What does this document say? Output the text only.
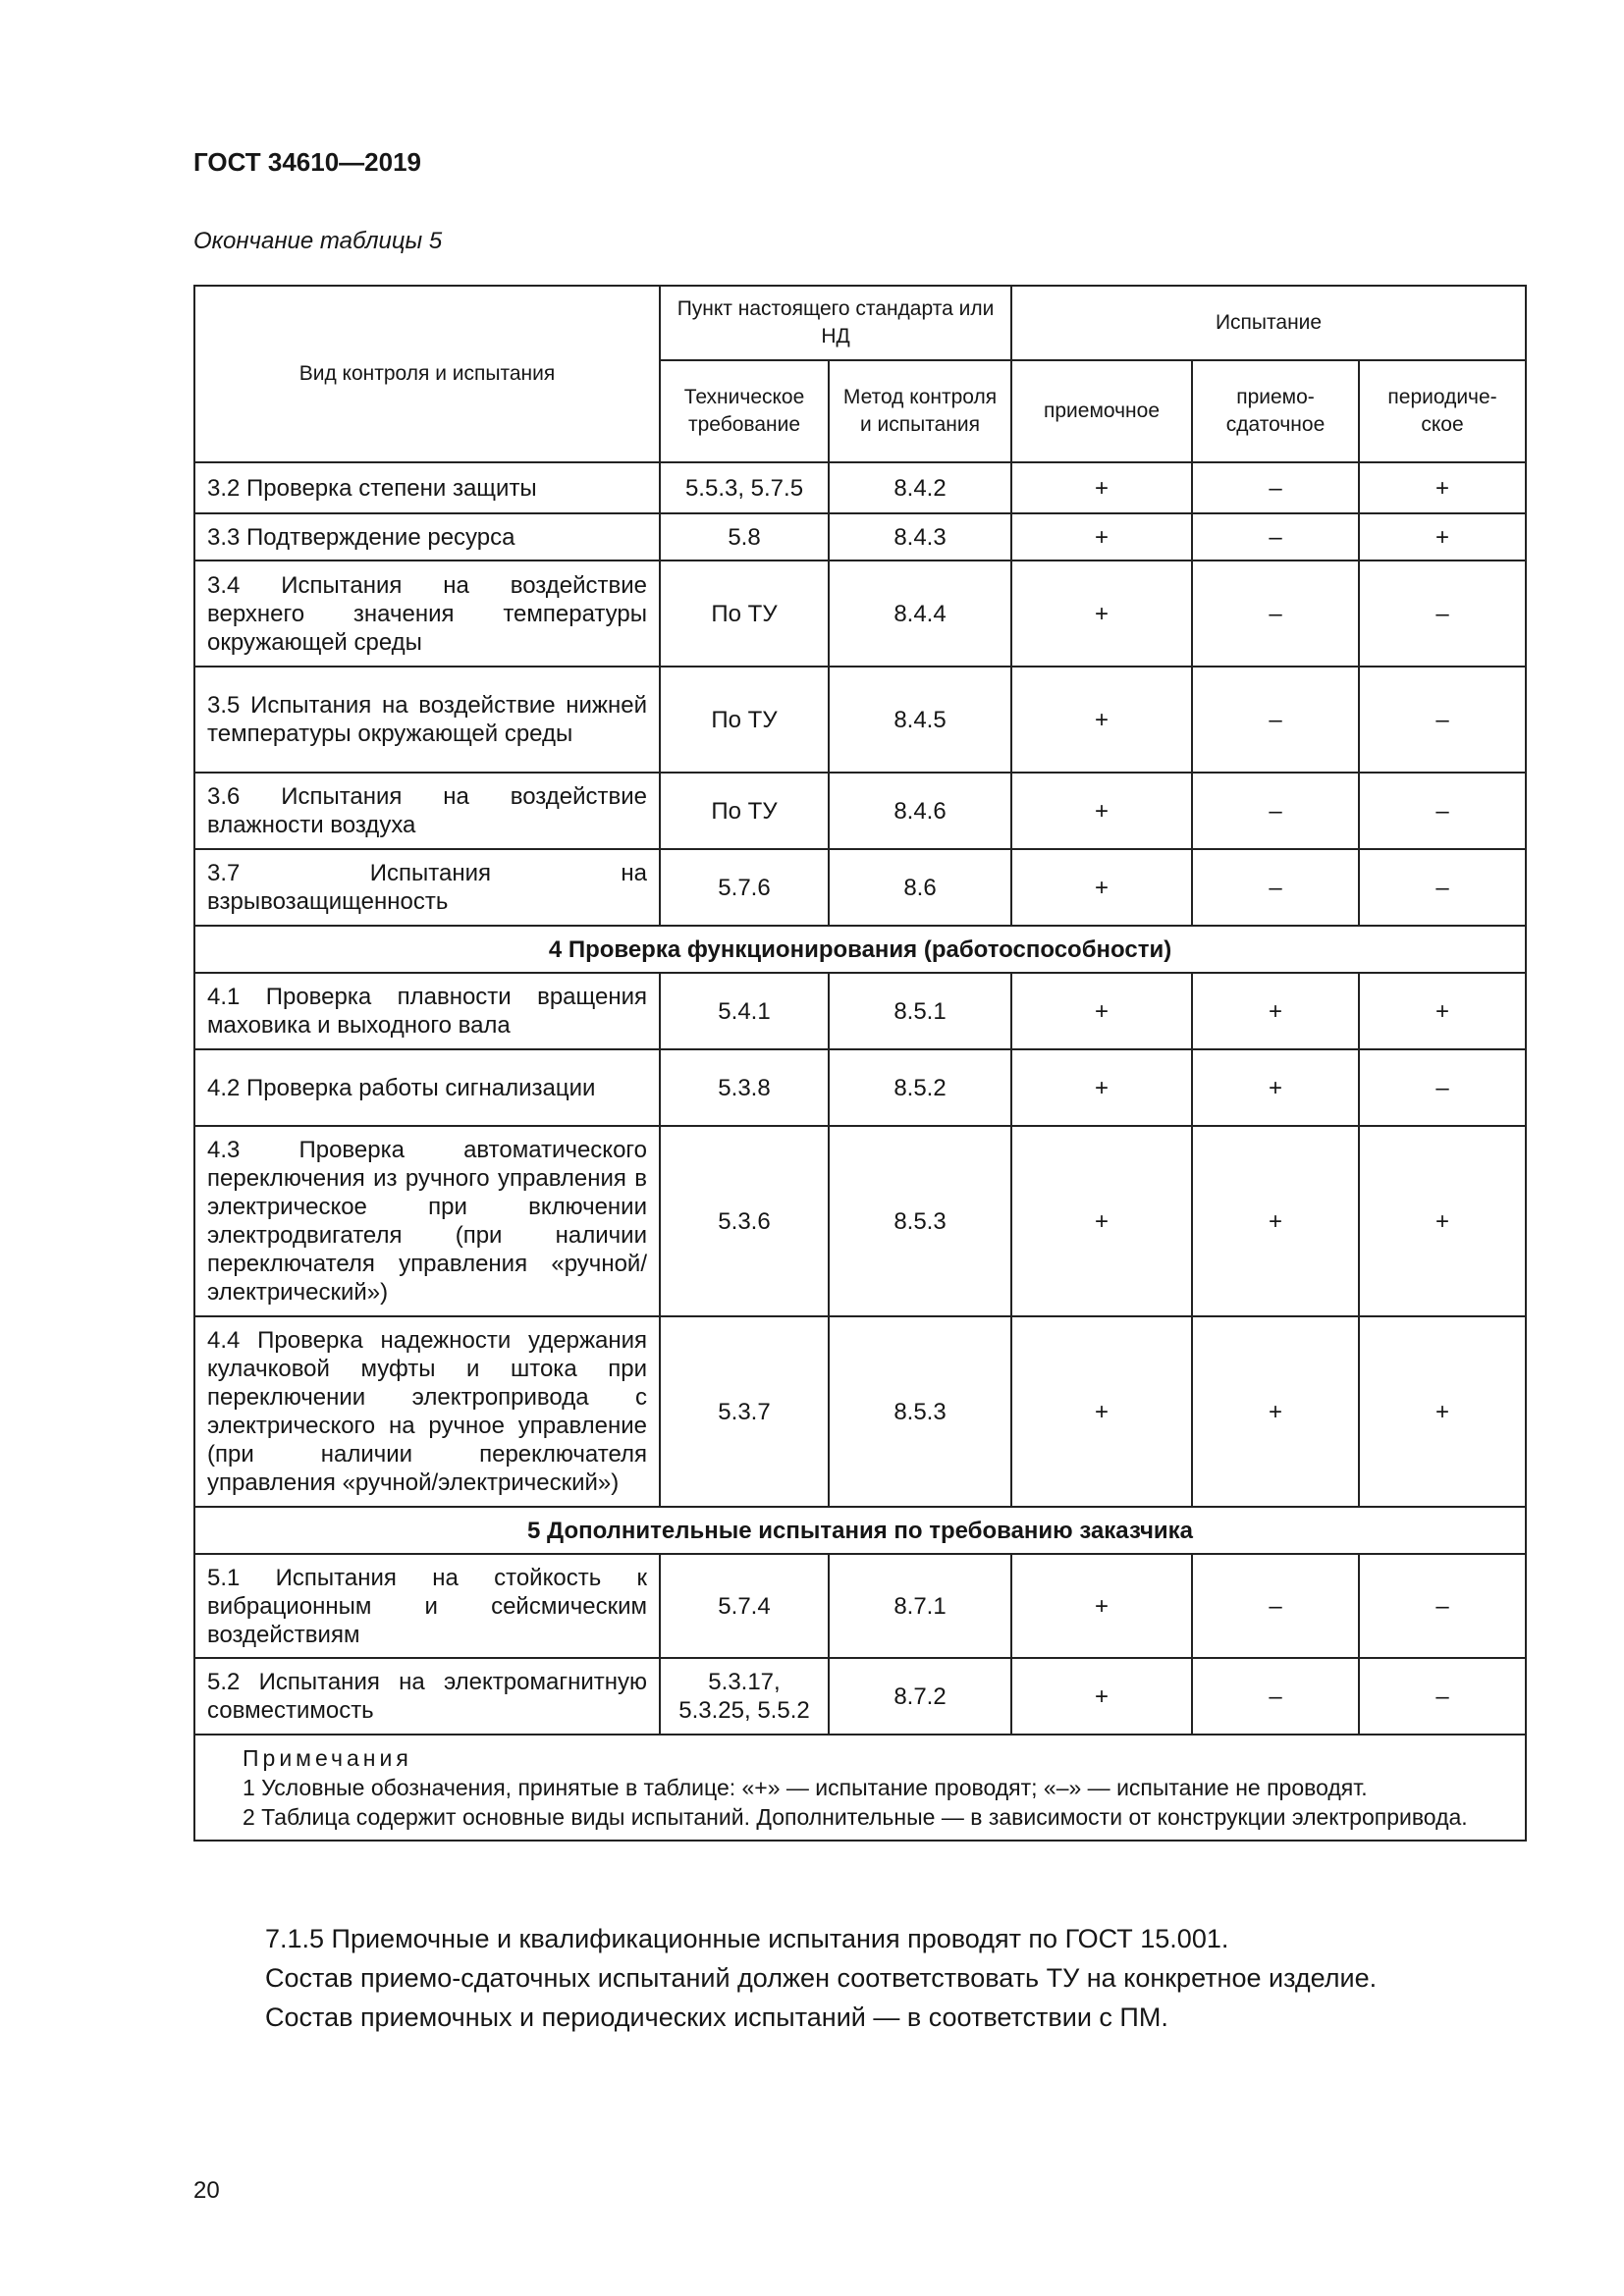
ГОСТ 34610—2019
Окончание таблицы 5
Вид контроля и испытания	Пункт настоящего стандарта или НД		Испытание		
	Техническое требование	Метод контроля и испытания	приемочное	приемо-сдаточное	периодиче-ское
3.2 Проверка степени защиты	5.5.3, 5.7.5	8.4.2	+	–	+
3.3 Подтверждение ресурса	5.8	8.4.3	+	–	+
3.4 Испытания на воздействие верхнего значения температуры окружающей среды	По ТУ	8.4.4	+	–	–
3.5 Испытания на воздействие нижней температуры окружающей среды	По ТУ	8.4.5	+	–	–
3.6 Испытания на воздействие влажности воздуха	По ТУ	8.4.6	+	–	–
3.7 Испытания на взрывозащищенность	5.7.6	8.6	+	–	–
4 Проверка функционирования (работоспособности)					
4.1 Проверка плавности вращения маховика и выходного вала	5.4.1	8.5.1	+	+	+
4.2 Проверка работы сигнализации	5.3.8	8.5.2	+	+	–
4.3 Проверка автоматического переключения из ручного управления в электрическое при включении электродвигателя (при наличии переключателя управления «ручной/электрический»)	5.3.6	8.5.3	+	+	+
4.4 Проверка надежности удержания кулачковой муфты и штока при переключении электропривода с электрического на ручное управление (при наличии переключателя управления «ручной/электрический»)	5.3.7	8.5.3	+	+	+
5 Дополнительные испытания по требованию заказчика					
5.1 Испытания на стойкость к вибрационным и сейсмическим воздействиям	5.7.4	8.7.1	+	–	–
5.2 Испытания на электромагнитную совместимость	5.3.17, 5.3.25, 5.5.2	8.7.2	+	–	–

Примечания
1 Условные обозначения, принятые в таблице: «+» — испытание проводят; «–» — испытание не проводят.
2 Таблица содержит основные виды испытаний. Дополнительные — в зависимости от конструкции электропривода.					
7.1.5 Приемочные и квалификационные испытания проводят по ГОСТ 15.001.
Состав приемо-сдаточных испытаний должен соответствовать ТУ на конкретное изделие.
Состав приемочных и периодических испытаний — в соответствии с ПМ.
20
